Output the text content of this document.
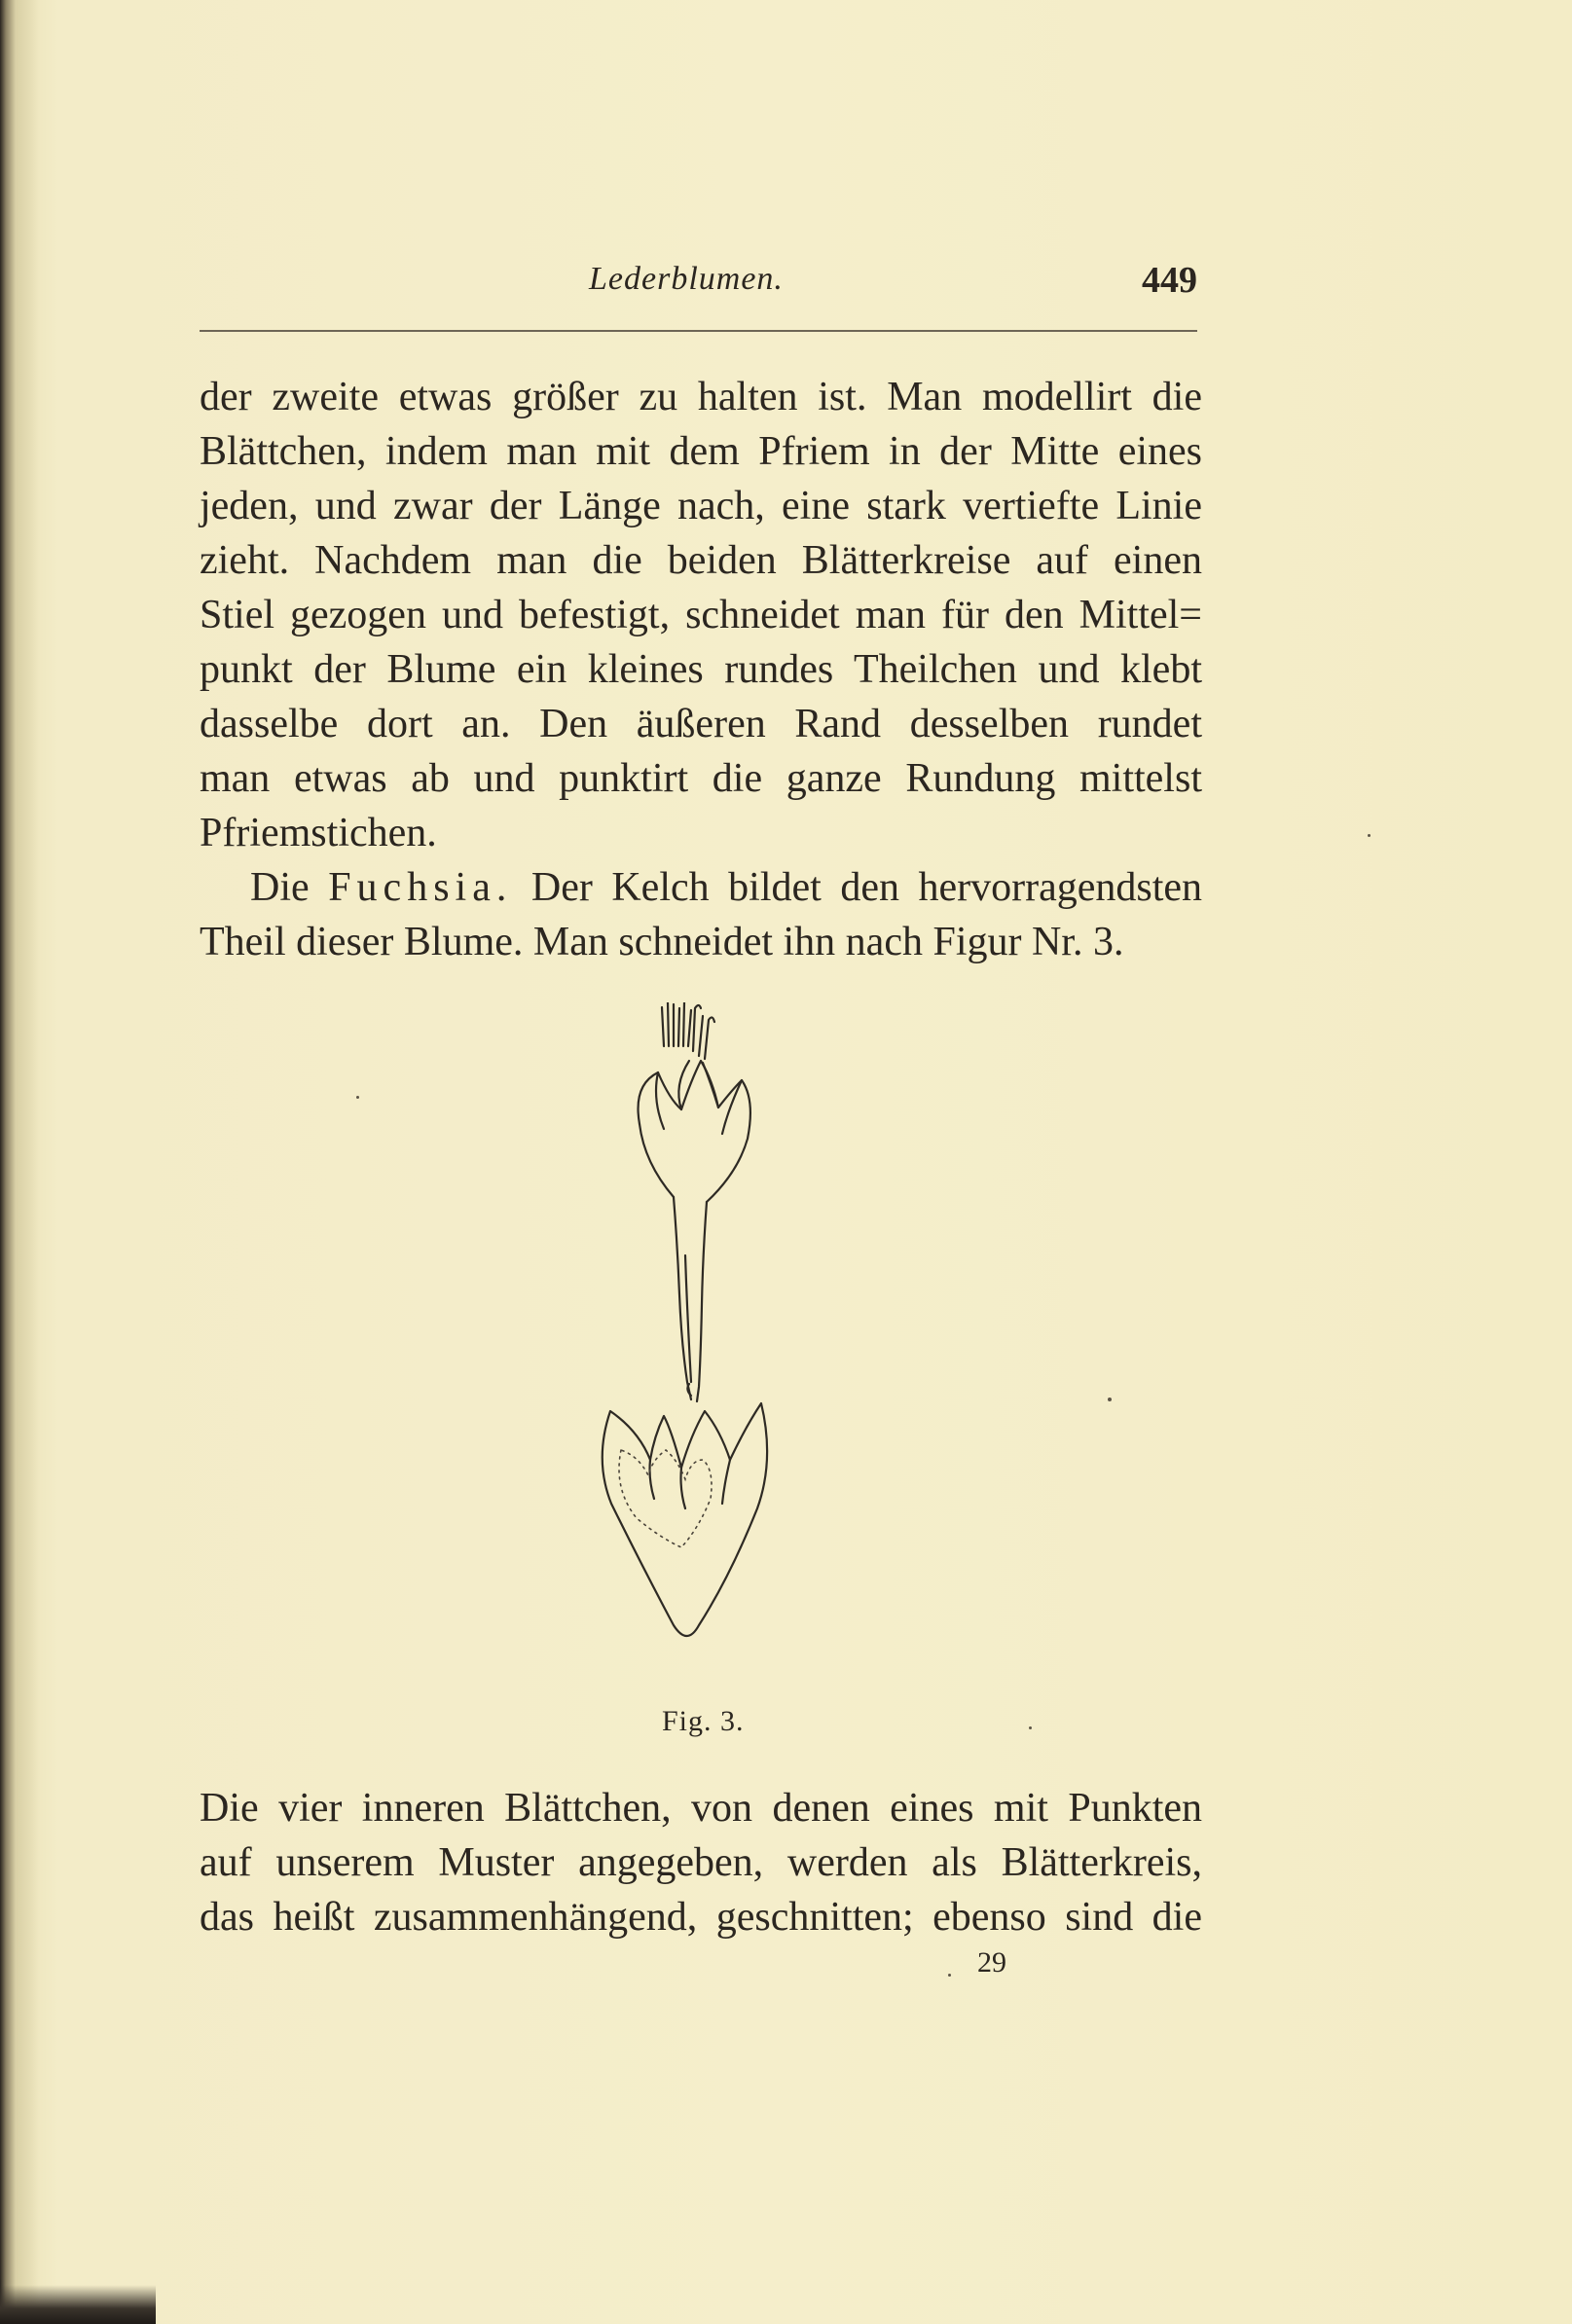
Lederblumen.	449
der zweite etwas größer zu halten ist. Man modellirt die
Blättchen, indem man mit dem Pfriem in der Mitte eines
jeden, und zwar der Länge nach, eine stark vertiefte Linie
zieht. Nachdem man die beiden Blätterkreise auf einen
Stiel gezogen und befestigt, schneidet man für den Mittel=
punkt der Blume ein kleines rundes Theilchen und klebt
dasselbe dort an. Den äußeren Rand desselben rundet
man etwas ab und punktirt die ganze Rundung mittelst
Pfriemstichen.
Die Fuchsia. Der Kelch bildet den hervorragendsten
Theil dieser Blume. Man schneidet ihn nach Figur Nr. 3.
Fig. 3.
Die vier inneren Blättchen, von denen eines mit Punkten
auf unserem Muster angegeben, werden als Blätterkreis,
das heißt zusammenhängend, geschnitten; ebenso sind die
29
